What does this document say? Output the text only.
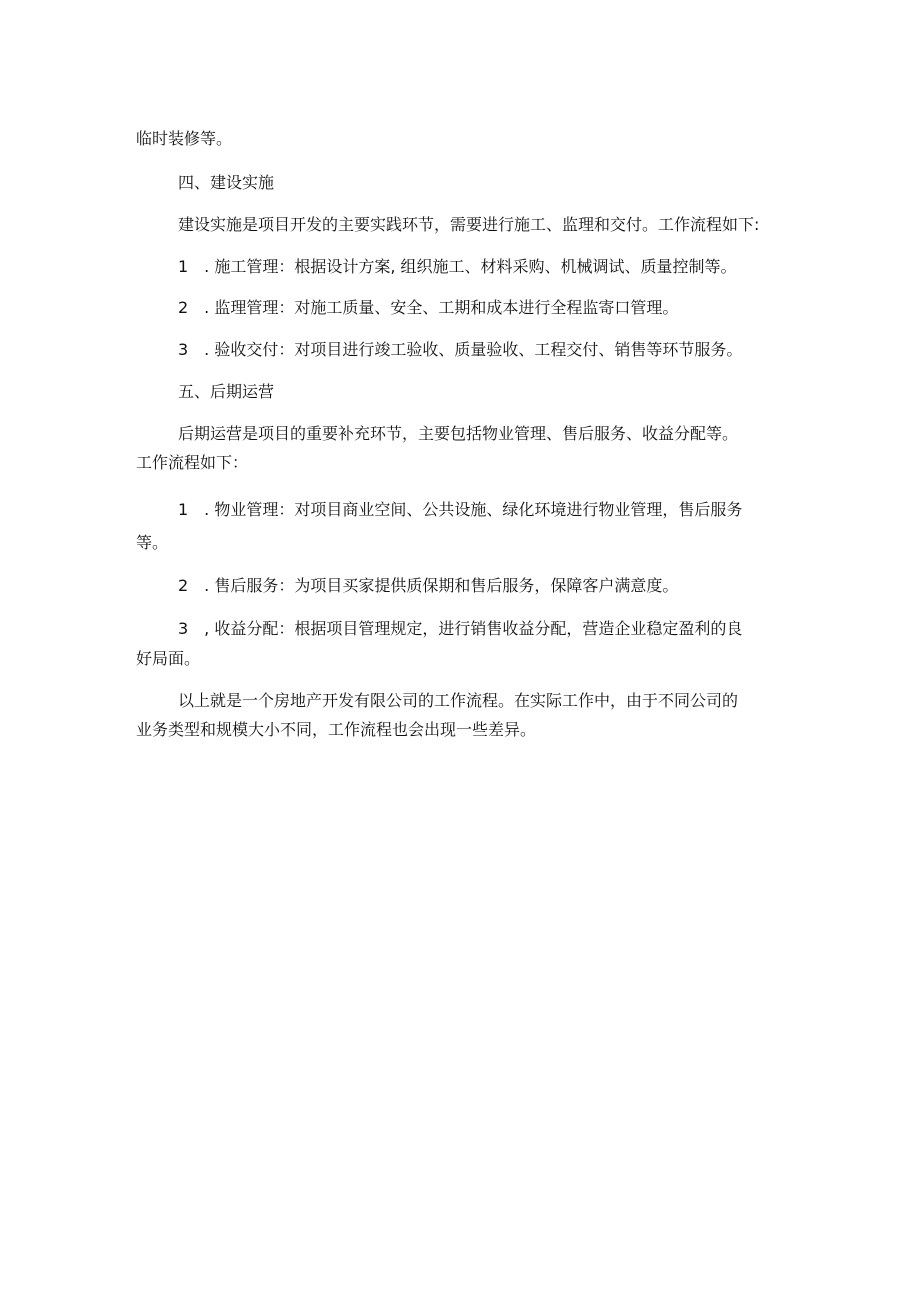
临时装修等。
四、建设实施
建设实施是项目开发的主要实践环节，需要进行施工、监理和交付。工作流程如下:
1　. 施工管理：根据设计方案, 组织施工、材料采购、机械调试、质量控制等。
2　. 监理管理：对施工质量、安全、工期和成本进行全程监寄口管理。
3　. 验收交付：对项目进行竣工验收、质量验收、工程交付、销售等环节服务。
五、后期运营
后期运营是项目的重要补充环节，主要包括物业管理、售后服务、收益分配等。
工作流程如下：
1　. 物业管理：对项目商业空间、公共设施、绿化环境进行物业管理，售后服务
等。
2　. 售后服务：为项目买家提供质保期和售后服务，保障客户满意度。
3　, 收益分配：根据项目管理规定，进行销售收益分配，营造企业稳定盈利的良
好局面。
以上就是一个房地产开发有限公司的工作流程。在实际工作中，由于不同公司的
业务类型和规模大小不同，工作流程也会出现一些差异。
